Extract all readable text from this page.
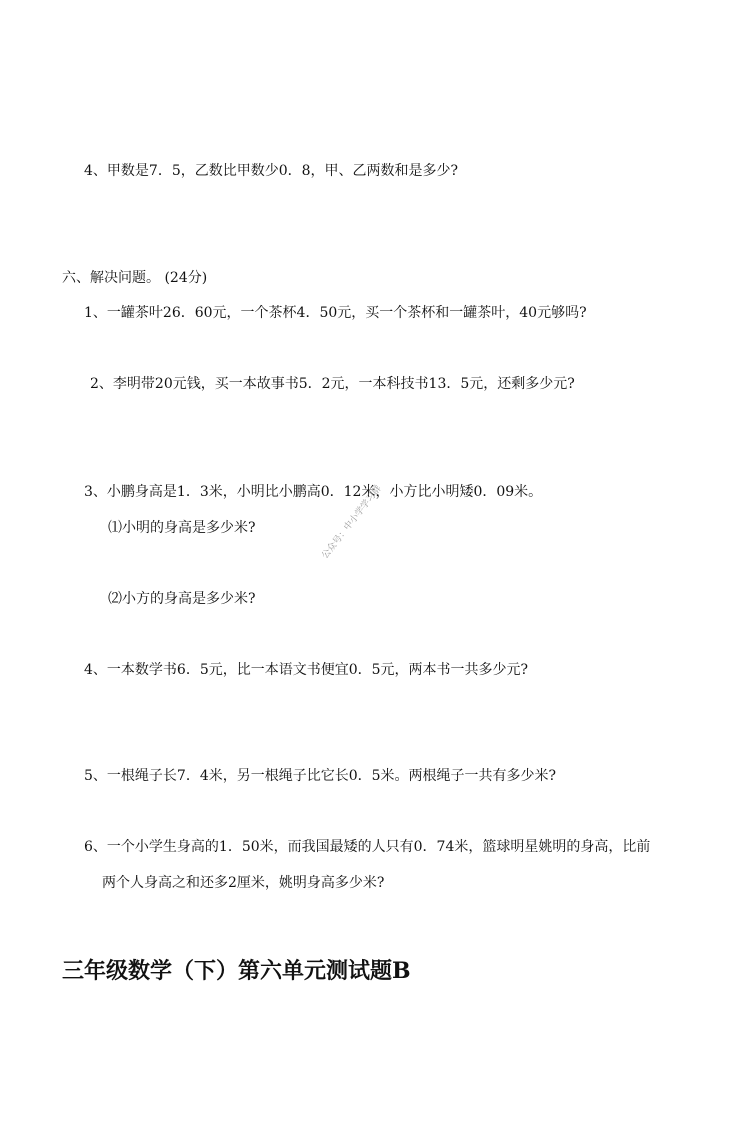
4、甲数是7．5，乙数比甲数少0．8，甲、乙两数和是多少?
六、解决问题。 (24分)
1、一罐茶叶26．60元，一个茶杯4．50元，买一个茶杯和一罐茶叶，40元够吗?
2、李明带20元钱，买一本故事书5．2元，一本科技书13．5元，还剩多少元?
3、小鹏身高是1．3米，小明比小鹏高0．12米，小方比小明矮0．09米。
⑴小明的身高是多少米?
⑵小方的身高是多少米?
公众号：中小学学习群
4、一本数学书6．5元，比一本语文书便宜0．5元，两本书一共多少元?
5、一根绳子长7．4米，另一根绳子比它长0．5米。两根绳子一共有多少米?
6、一个小学生身高的1．50米，而我国最矮的人只有0．74米，篮球明星姚明的身高，比前
两个人身高之和还多2厘米，姚明身高多少米?
三年级数学（下）第六单元测试题B
